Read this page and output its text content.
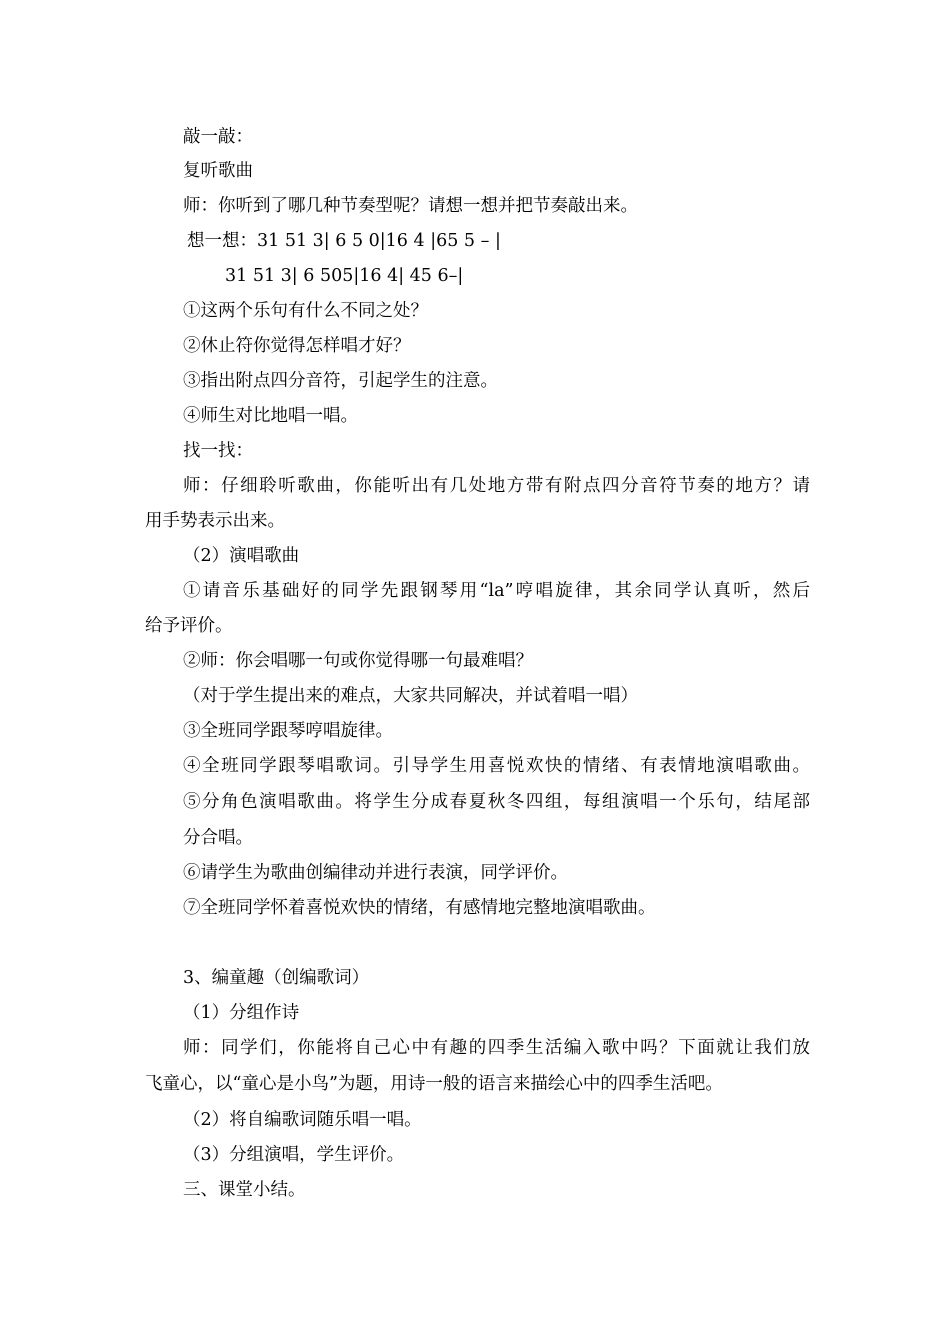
敲一敲：
复听歌曲
师：你听到了哪几种节奏型呢？请想一想并把节奏敲出来。
想一想：31 51 3| 6 5 0|16 4 |65 5 – |
31 51 3| 6 505|16 4| 45 6–|
①这两个乐句有什么不同之处？
②休止符你觉得怎样唱才好？
③指出附点四分音符，引起学生的注意。
④师生对比地唱一唱。
找一找：
师：仔细聆听歌曲，你能听出有几处地方带有附点四分音符节奏的地方？请
用手势表示出来。
（2）演唱歌曲
①请音乐基础好的同学先跟钢琴用“la”哼唱旋律，其余同学认真听，然后
给予评价。
②师：你会唱哪一句或你觉得哪一句最难唱？
（对于学生提出来的难点，大家共同解决，并试着唱一唱）
③全班同学跟琴哼唱旋律。
④全班同学跟琴唱歌词。引导学生用喜悦欢快的情绪、有表情地演唱歌曲。
⑤分角色演唱歌曲。将学生分成春夏秋冬四组，每组演唱一个乐句，结尾部
分合唱。
⑥请学生为歌曲创编律动并进行表演，同学评价。
⑦全班同学怀着喜悦欢快的情绪，有感情地完整地演唱歌曲。
3、编童趣（创编歌词）
（1）分组作诗
师：同学们，你能将自己心中有趣的四季生活编入歌中吗？下面就让我们放
飞童心，以“童心是小鸟”为题，用诗一般的语言来描绘心中的四季生活吧。
（2）将自编歌词随乐唱一唱。
（3）分组演唱，学生评价。
三、课堂小结。
